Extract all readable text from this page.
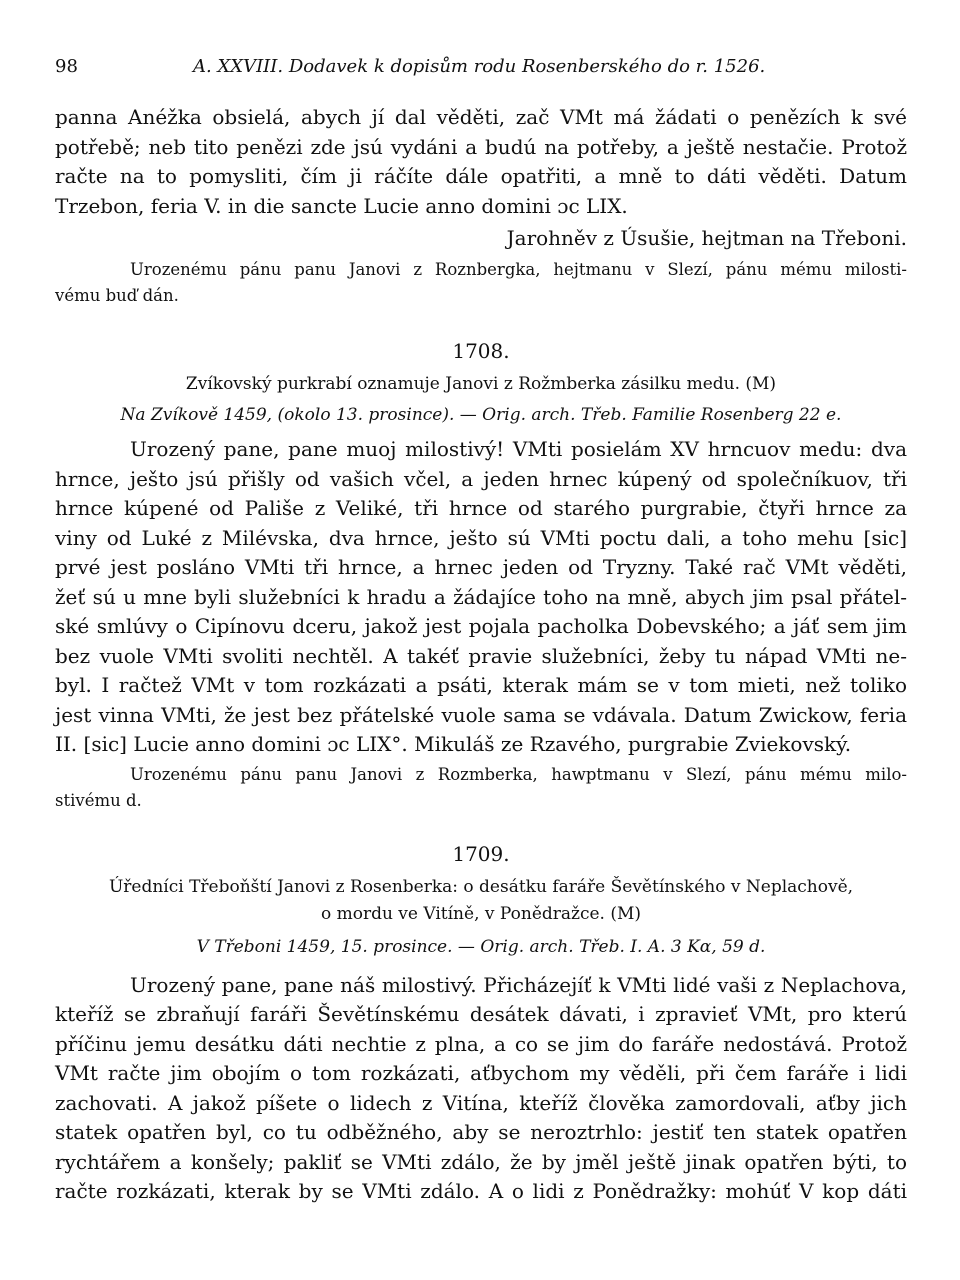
98	A. XXVIII. Dodavek k dopisům rodu Rosenberského do r. 1526.

panna Anéžka obsielá, abych jí dal věděti, zač VMt má žádati o penězích k své
potřebě; neb tito penězi zde jsú vydáni a budú na potřeby, a ještě nestačie. Protož
račte na to pomysliti, čím ji ráčíte dále opatřiti, a mně to dáti věděti. Datum
Trzebon, feria V. in die sancte Lucie anno domini ɔc LIX.

Jarohněv z Úsušie, hejtman na Třeboni.

Urozenému pánu panu Janovi z Roznbergka, hejtmanu v Slezí, pánu mému milosti-
vému buď dán.

1708.
Zvíkovský purkrabí oznamuje Janovi z Rožmberka zásilku medu. (M)
Na Zvíkově 1459, (okolo 13. prosince). — Orig. arch. Třeb. Familie Rosenberg 22 e.

Urozený pane, pane muoj milostivý! VMti posielám XV hrncuov medu: dva
hrnce, ješto jsú přišly od vašich včel, a jeden hrnec kúpený od společníkuov, tři
hrnce kúpené od Pališe z Veliké, tři hrnce od starého purgrabie, čtyři hrnce za
viny od Luké z Milévska, dva hrnce, ješto sú VMti poctu dali, a toho mehu [sic]
prvé jest posláno VMti tři hrnce, a hrnec jeden od Tryzny. Také rač VMt věděti,
žeť sú u mne byli služebníci k hradu a žádajíce toho na mně, abych jim psal přátel-
ské smlúvy o Cipínovu dceru, jakož jest pojala pacholka Dobevského; a jáť sem jim
bez vuole VMti svoliti nechtěl. A takéť pravie služebníci, žeby tu nápad VMti ne-
byl. I račtež VMt v tom rozkázati a psáti, kterak mám se v tom mieti, než toliko
jest vinna VMti, že jest bez přátelské vuole sama se vdávala. Datum Zwickow, feria
II. [sic] Lucie anno domini ɔc LIX°. Mikuláš ze Rzavého, purgrabie Zviekovský.

Urozenému pánu panu Janovi z Rozmberka, hawptmanu v Slezí, pánu mému milo-
stivému d.

1709.
Úředníci Třeboňští Janovi z Rosenberka: o desátku faráře Ševětínského v Neplachově,
o mordu ve Vitíně, v Ponědražce. (M)
V Třeboni 1459, 15. prosince. — Orig. arch. Třeb. I. A. 3 Kα, 59 d.

Urozený pane, pane náš milostivý. Přicházejíť k VMti lidé vaši z Neplachova,
kteříž se zbraňují faráři Ševětínskému desátek dávati, i zpravieť VMt, pro kterú
příčinu jemu desátku dáti nechtie z plna, a co se jim do faráře nedostává. Protož
VMt račte jim obojím o tom rozkázati, aťbychom my věděli, při čem faráře i lidi
zachovati. A jakož píšete o lidech z Vitína, kteříž člověka zamordovali, aťby jich
statek opatřen byl, co tu odběžného, aby se neroztrhlo: jestiť ten statek opatřen
rychtářem a konšely; pakliť se VMti zdálo, že by jměl ještě jinak opatřen býti, to
račte rozkázati, kterak by se VMti zdálo. A o lidi z Ponědražky: mohúť V kop dáti
